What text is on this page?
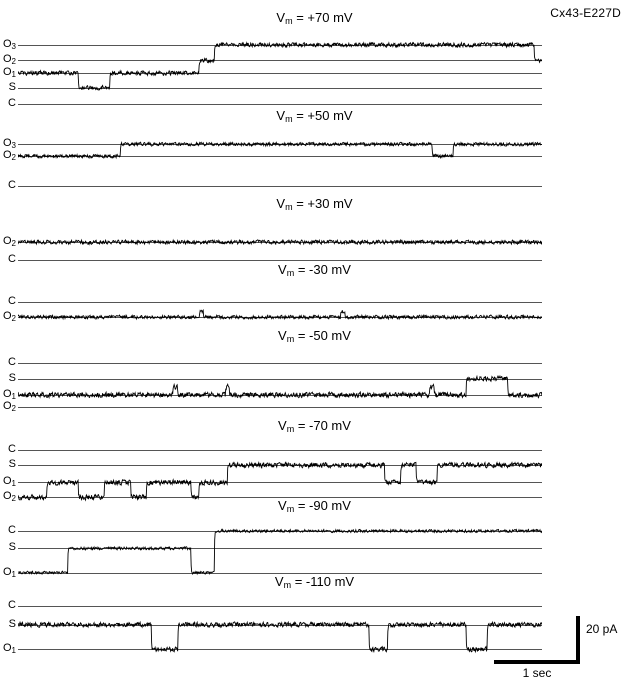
Cx43-E227D
$V_m = +70$ mV
$O_3$
$O_2$
$O_1$
S
C
$V_m = +50$ mV
$O_3$
$O_2$
C
$V_m = +30$ mV
$O_2$
C
$V_m = -30$ mV
C
$O_2$
$V_m = -50$ mV
C
S
$O_1$
$O_2$
$V_m = -70$ mV
C
S
$O_1$
$O_2$	$V_m = -90$ mV
C
S
$O_1$	$V_m = -110$ mV
C
S
$O_1$
1 sec
20 pA
